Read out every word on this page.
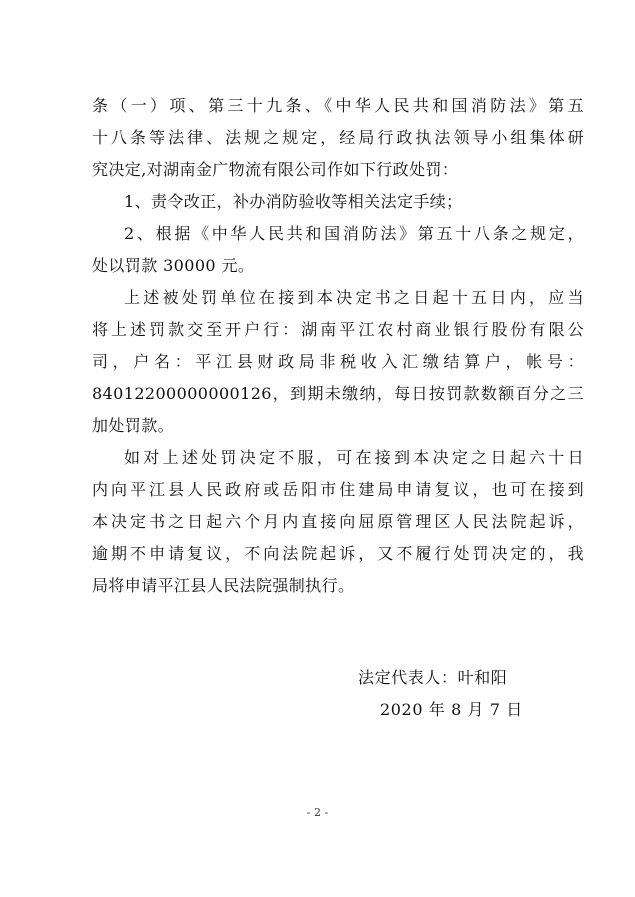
条（一）项、第三十九条、《中华人民共和国消防法》第五
十八条等法律、法规之规定，经局行政执法领导小组集体研
究决定,对湖南金广物流有限公司作如下行政处罚：
1、责令改正，补办消防验收等相关法定手续；
2、根据《中华人民共和国消防法》第五十八条之规定，
处以罚款 30000 元。
上述被处罚单位在接到本决定书之日起十五日内，应当
将上述罚款交至开户行：湖南平江农村商业银行股份有限公
司，户名：平江县财政局非税收入汇缴结算户，帐号：
84012200000000126，到期未缴纳，每日按罚款数额百分之三
加处罚款。
如对上述处罚决定不服，可在接到本决定之日起六十日
内向平江县人民政府或岳阳市住建局申请复议，也可在接到
本决定书之日起六个月内直接向屈原管理区人民法院起诉，
逾期不申请复议，不向法院起诉，又不履行处罚决定的，我
局将申请平江县人民法院强制执行。
法定代表人：叶和阳
2020 年 8 月 7 日
- 2 -
